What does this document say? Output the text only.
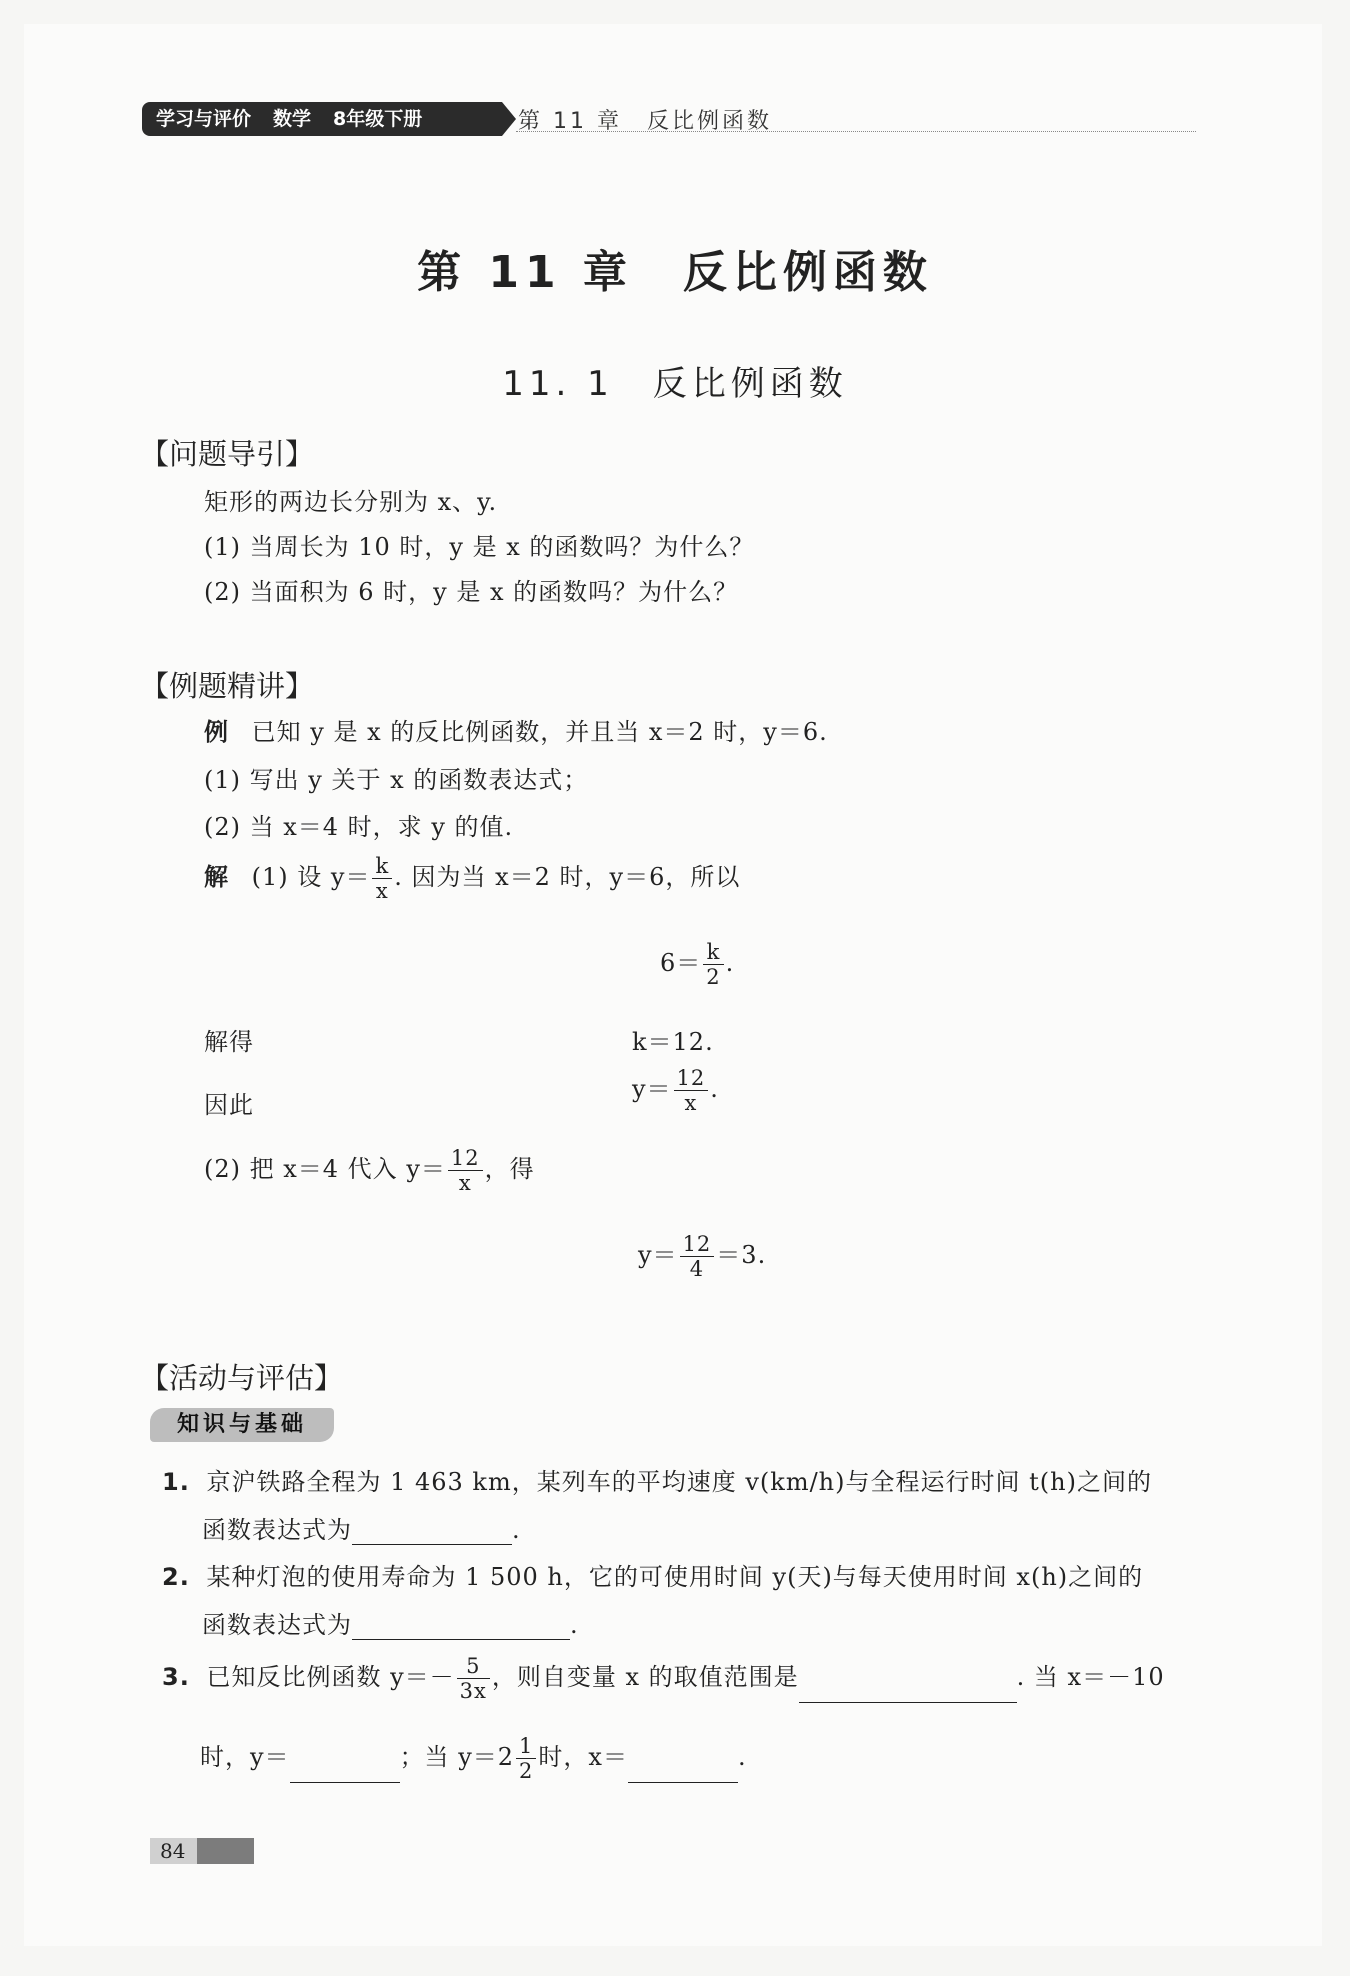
学习与评价 数学 8年级下册	第 11 章　反比例函数
第 11 章　反比例函数
11. 1　反比例函数
【问题导引】
矩形的两边长分别为 x、y.
(1) 当周长为 10 时，y 是 x 的函数吗？为什么？
(2) 当面积为 6 时，y 是 x 的函数吗？为什么？
【例题精讲】
例 已知 y 是 x 的反比例函数，并且当 x＝2 时，y＝6.
(1) 写出 y 关于 x 的函数表达式；
(2) 当 x＝4 时，求 y 的值.
解 (1) 设 $y= \frac{k}{x}$ . 因为当 x＝2 时，y＝6，所以
$6= \frac{k}{2}$ .
解得	k＝12.
因此
$y= \frac{12}{x}$ .
(2) 把 x＝4 代入 $y= \frac{12}{x}$ ，得
$y= \frac{12}{4} =3$.
【活动与评估】
知识与基础
1. 京沪铁路全程为 1 463 km，某列车的平均速度 v(km/h)与全程运行时间 t(h)之间的
函数表达式为	.
2. 某种灯泡的使用寿命为 1 500 h，它的可使用时间 y(天)与每天使用时间 x(h)之间的
函数表达式为	.
3. 已知反比例函数 $y=- \frac{5}{3x}$ ，则自变量 x 的取值范围是	. 当 x＝－10
时，y＝	；当 $y=2 \frac{1}{2}$ 时，x＝	.
84
